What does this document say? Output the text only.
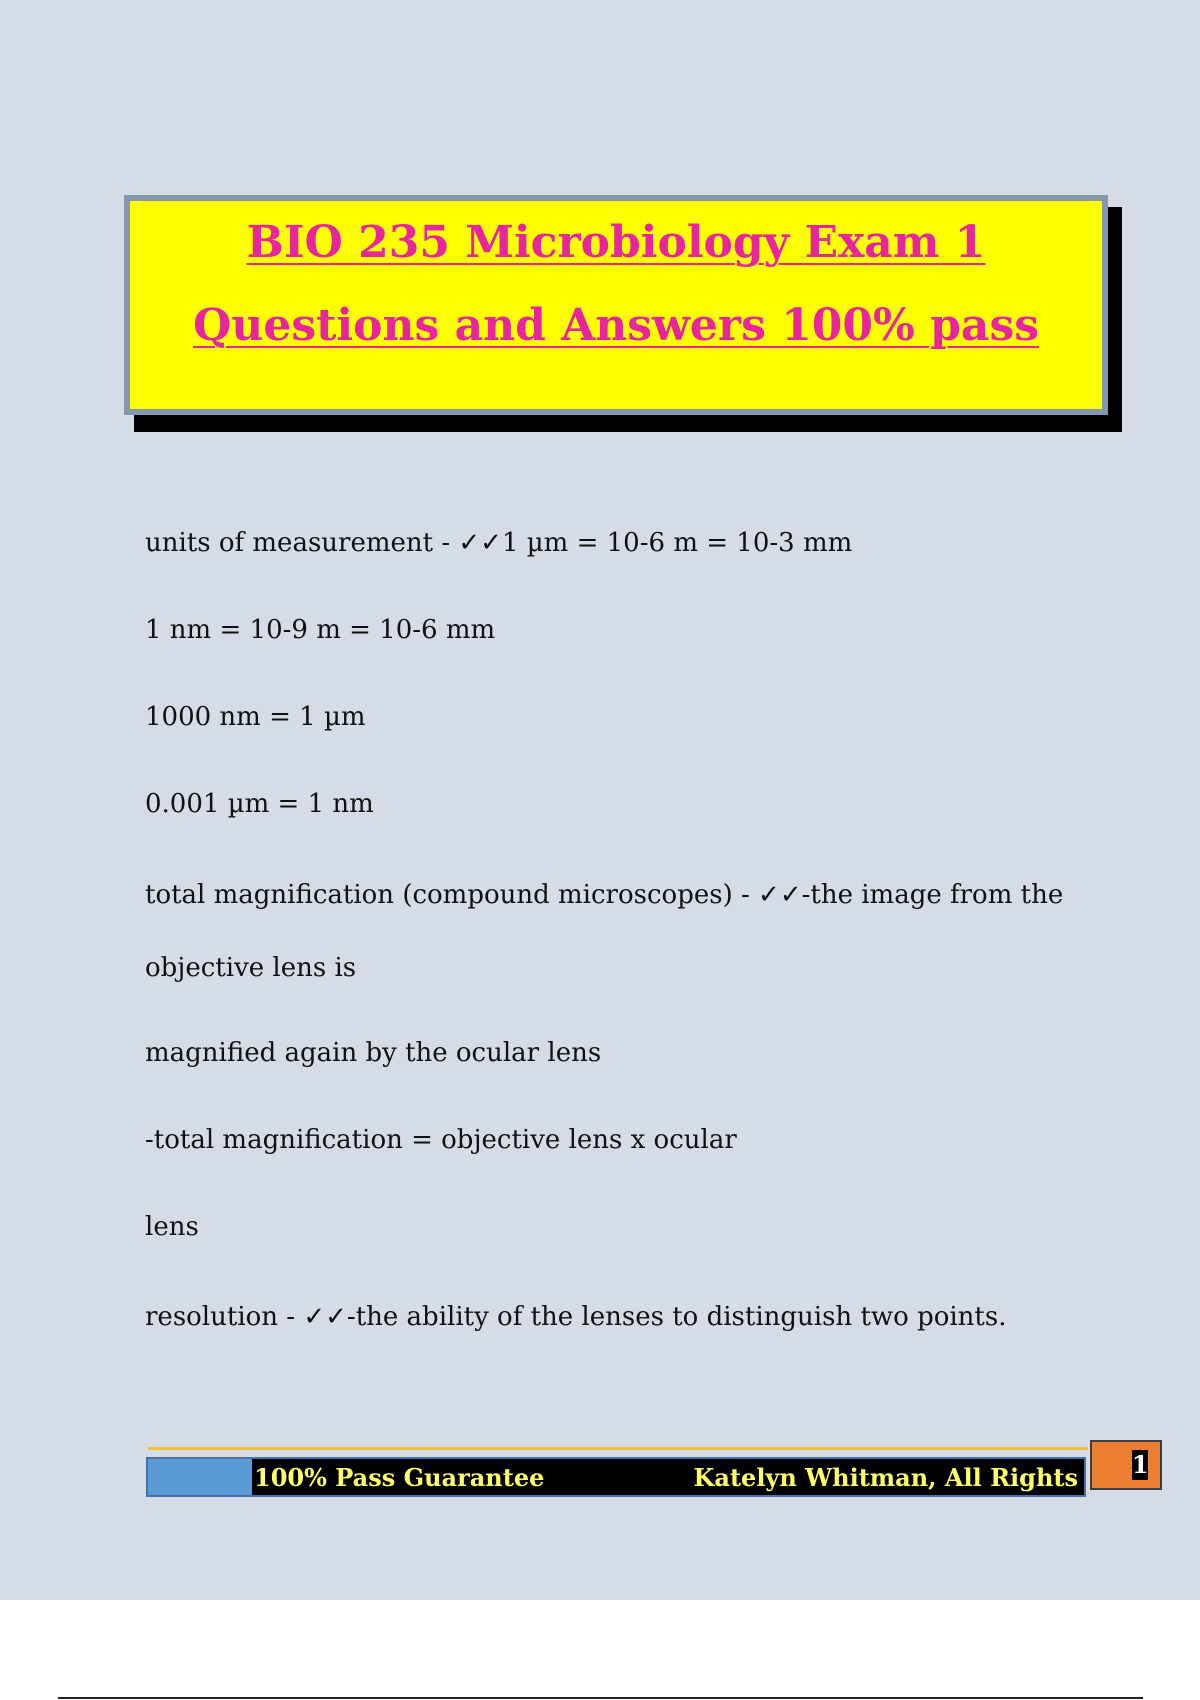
BIO 235 Microbiology Exam 1
Questions and Answers 100% pass
units of measurement - ✓✓1 µm = 10-6 m = 10-3 mm
1 nm = 10-9 m = 10-6 mm
1000 nm = 1 µm
0.001 µm = 1 nm
total magnification (compound microscopes) - ✓✓-the image from the
objective lens is
magnified again by the ocular lens
-total magnification = objective lens x ocular
lens
resolution - ✓✓-the ability of the lenses to distinguish two points.
100% Pass Guarantee	Katelyn Whitman, All Rights 1
